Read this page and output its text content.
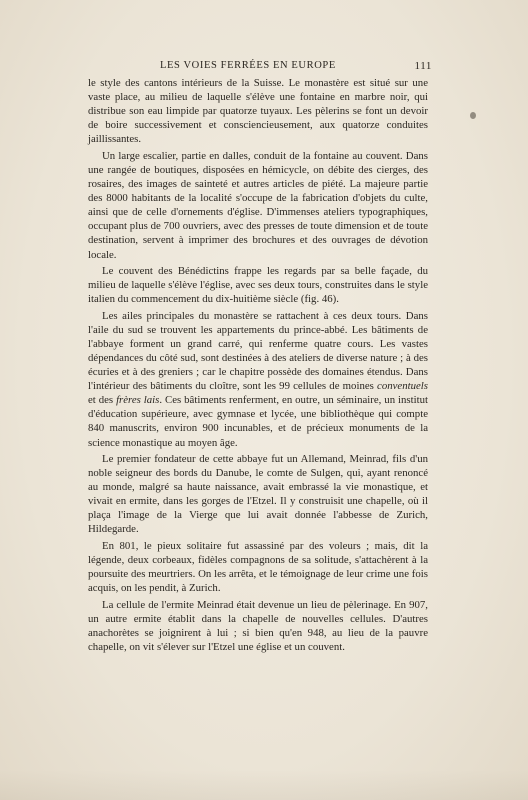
LES VOIES FERRÉES EN EUROPE	111

le style des cantons intérieurs de la Suisse. Le monastère est situé sur une vaste place, au milieu de laquelle s'élève une fontaine en marbre noir, qui distribue son eau limpide par quatorze tuyaux. Les pèlerins se font un devoir de boire successivement et consciencieusement, aux quatorze conduites jaillissantes.

Un large escalier, partie en dalles, conduit de la fontaine au couvent. Dans une rangée de boutiques, disposées en hémicycle, on débite des cierges, des rosaires, des images de sainteté et autres articles de piété. La majeure partie des 8000 habitants de la localité s'occupe de la fabrication d'objets du culte, ainsi que de celle d'ornements d'église. D'immenses ateliers typographiques, occupant plus de 700 ouvriers, avec des presses de toute dimension et de toute destination, servent à imprimer des brochures et des ouvrages de dévotion locale.

Le couvent des Bénédictins frappe les regards par sa belle façade, du milieu de laquelle s'élève l'église, avec ses deux tours, construites dans le style italien du commencement du dix-huitième siècle (fig. 46).

Les ailes principales du monastère se rattachent à ces deux tours. Dans l'aile du sud se trouvent les appartements du prince-abbé. Les bâtiments de l'abbaye forment un grand carré, qui renferme quatre cours. Les vastes dépendances du côté sud, sont destinées à des ateliers de diverse nature ; à des écuries et à des greniers ; car le chapitre possède des domaines étendus. Dans l'intérieur des bâtiments du cloître, sont les 99 cellules de moines conventuels et des frères lais. Ces bâtiments renferment, en outre, un séminaire, un institut d'éducation supérieure, avec gymnase et lycée, une bibliothèque qui compte 840 manuscrits, environ 900 incunables, et de précieux monuments de la science monastique au moyen âge.

Le premier fondateur de cette abbaye fut un Allemand, Meinrad, fils d'un noble seigneur des bords du Danube, le comte de Sulgen, qui, ayant renoncé au monde, malgré sa haute naissance, avait embrassé la vie monastique, et vivait en ermite, dans les gorges de l'Etzel. Il y construisit une chapelle, où il plaça l'image de la Vierge que lui avait donnée l'abbesse de Zurich, Hildegarde.

En 801, le pieux solitaire fut assassiné par des voleurs ; mais, dit la légende, deux corbeaux, fidèles compagnons de sa solitude, s'attachèrent à la poursuite des meurtriers. On les arrêta, et le témoignage de leur crime une fois acquis, on les pendit, à Zurich.

La cellule de l'ermite Meinrad était devenue un lieu de pèlerinage. En 907, un autre ermite établit dans la chapelle de nouvelles cellules. D'autres anachorètes se joignirent à lui ; si bien qu'en 948, au lieu de la pauvre chapelle, on vit s'élever sur l'Etzel une église et un couvent.
